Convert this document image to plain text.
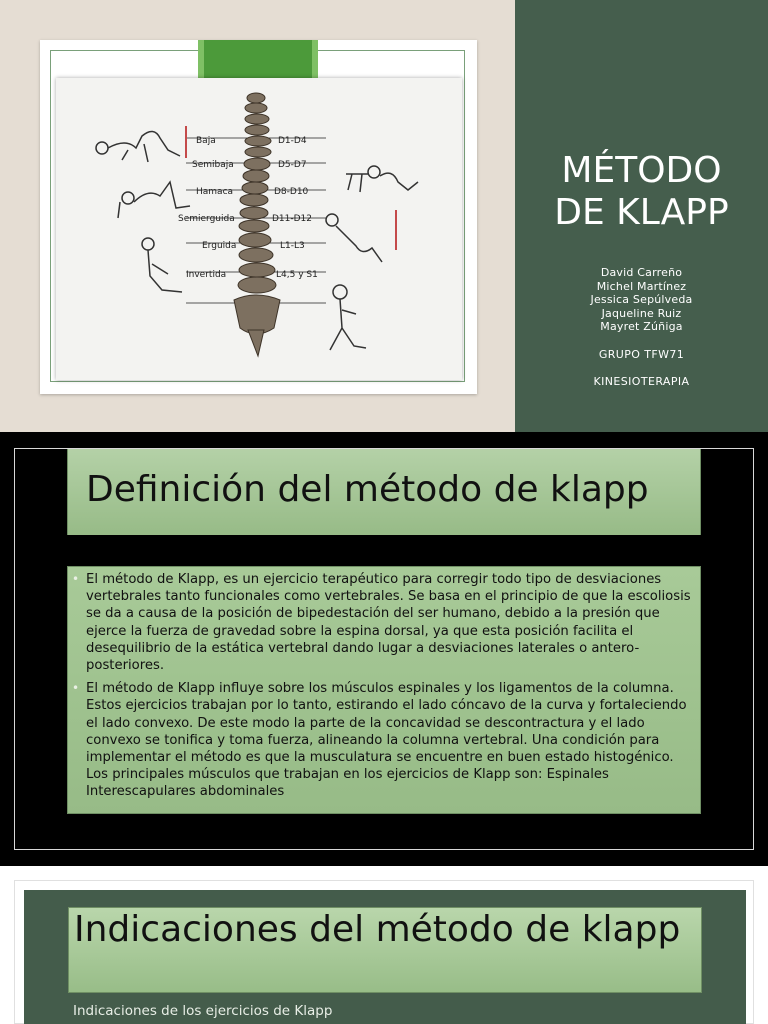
Baja	D1-D4
Semibaja	D5-D7
Hamaca	D8-D10
Semierguida	D11-D12
Erguida	L1-L3
Invertida	L4,5 y S1
MÉTODO
DE KLAPP
David Carreño
Michel Martínez
Jessica Sepúlveda
Jaqueline Ruiz
Mayret Zúñiga
GRUPO TFW71
KINESIOTERAPIA
Definición del método de klapp
• El método de Klapp, es un ejercicio terapéutico para corregir todo tipo de desviaciones vertebrales tanto funcionales como vertebrales. Se basa en el principio de que la escoliosis se da a causa de la posición de bipedestación del ser humano, debido a la presión que ejerce la fuerza de gravedad sobre la espina dorsal, ya que esta posición facilita el desequilibrio de la estática vertebral dando lugar a desviaciones laterales o antero-posteriores.
• El método de Klapp influye sobre los músculos espinales y los ligamentos de la columna. Estos ejercicios trabajan por lo tanto, estirando el lado cóncavo de la curva y fortaleciendo el lado convexo. De este modo la parte de la concavidad se descontractura y el lado convexo se tonifica y toma fuerza, alineando la columna vertebral. Una condición para implementar el método es que la musculatura se encuentre en buen estado histogénico. Los principales músculos que trabajan en los ejercicios de Klapp son: Espinales Interescapulares abdominales
Indicaciones del método de klapp
Indicaciones de los ejercicios de Klapp
